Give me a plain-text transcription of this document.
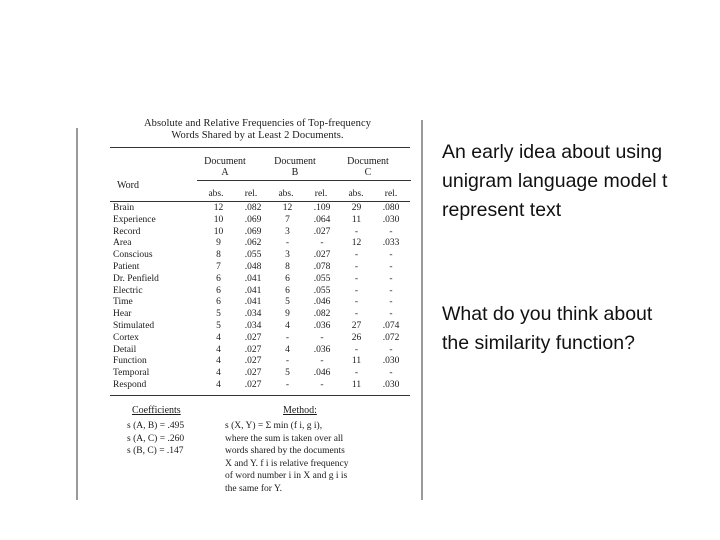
Absolute and Relative Frequencies of Top-frequency
Words Shared by at Least 2 Documents.
Document
A
Document
B
Document
C
Word
abs.	rel.	abs.	rel.	abs.	rel.
Brain	12	.082	12	.109	29	.080
Experience	10	.069	7	.064	11	.030
Record	10	.069	3	.027	-	-
Area	9	.062	-	-	12	.033
Conscious	8	.055	3	.027	-	-
Patient	7	.048	8	.078	-	-
Dr. Penfield	6	.041	6	.055	-	-
Electric	6	.041	6	.055	-	-
Time	6	.041	5	.046	-	-
Hear	5	.034	9	.082	-	-
Stimulated	5	.034	4	.036	27	.074
Cortex	4	.027	-	-	26	.072
Detail	4	.027	4	.036	-	-
Function	4	.027	-	-	11	.030
Temporal	4	.027	5	.046	-	-
Respond	4	.027	-	-	11	.030
Coefficients	Method:
s (A, B) = .495
s (A, C) = .260
s (B, C) = .147
s (X, Y) = Σ min (f i, g i),
where the sum is taken over all
words shared by the documents
X and Y. f i is relative frequency
of word number i in X and g i is
the same for Y.
An early idea about using
unigram language model t
represent text
What do you think about
the similarity function?
